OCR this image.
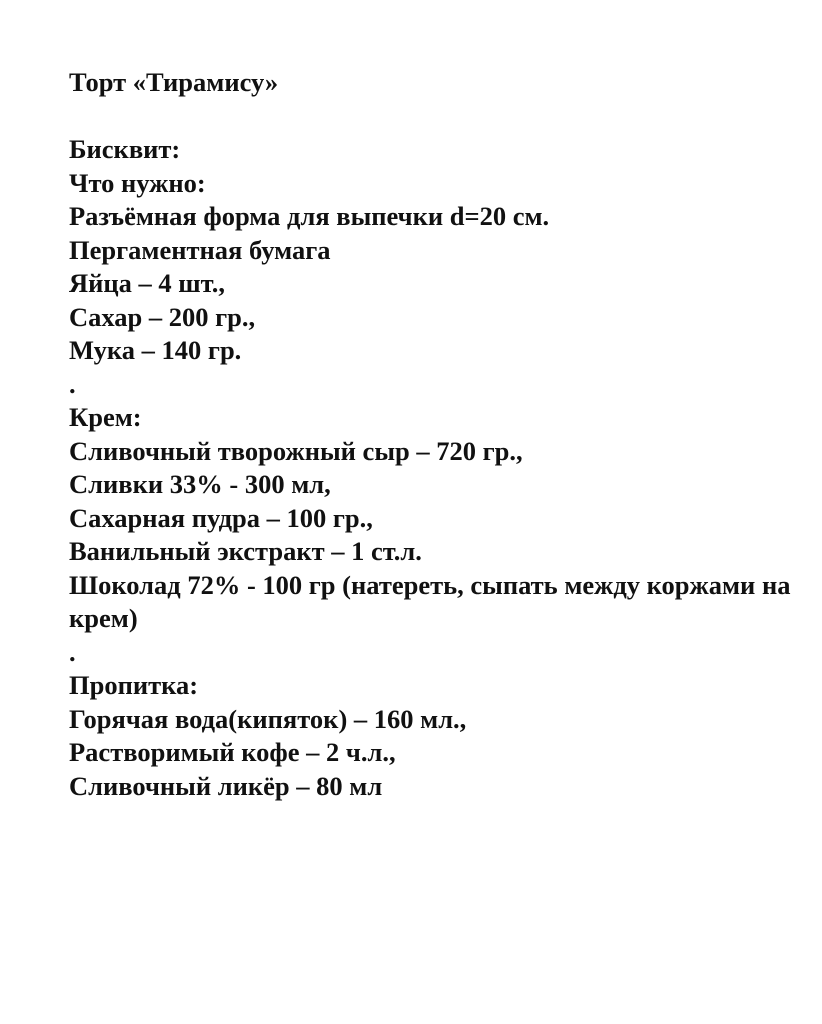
Торт «Тирамису»
Бисквит:
Что нужно:
Разъёмная форма для выпечки d=20 см.
Пергаментная бумага
Яйца – 4 шт.,
Сахар – 200 гр.,
Мука – 140 гр.
.
Крем:
Сливочный творожный сыр – 720 гр.,
Сливки 33% - 300 мл,
Сахарная пудра – 100 гр.,
Ванильный экстракт – 1 ст.л.
Шоколад 72% - 100 гр (натереть, сыпать между коржами на крем)
.
Пропитка:
Горячая вода(кипяток) – 160 мл.,
Растворимый кофе – 2 ч.л.,
Сливочный ликёр – 80 мл
